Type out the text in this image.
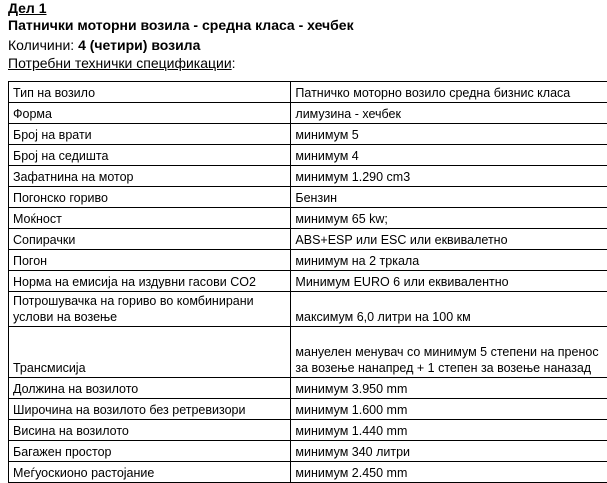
Дел 1

Патнички моторни возила - средна класа - хечбек

Количини: 4 (четири) возила
Потребни технички спецификации:
Тип на возило	Патничко моторно возило средна бизнис класа
Форма	лимузина - хечбек
Број на врати	минимум 5
Број на седишта	минимум 4
Зафатнина на мотор	минимум 1.290 cm3
Погонско гориво	Бензин
Моќност	минимум 65 kw;
Сопирачки	ABS+ESP или ESC или еквивалетно
Погон	минимум на 2 тркала
Норма на емисија на издувни гасови CO2	Минимум EURO 6 или еквивалентно
Потрошувачка на гориво во комбинирани услови на возење	максимум 6,0 литри на 100 км
Трансмисија	мануелен менувач со минимум 5 степени на пренос за возење нанапред + 1 степен за возење наназад
Должина на возилото	минимум 3.950 mm
Широчина на возилото без ретревизори	минимум 1.600 mm
Висина на возилото	минимум 1.440 mm
Багажен простор	минимум 340 литри
Меѓуоскионо растојание	минимум 2.450 mm
